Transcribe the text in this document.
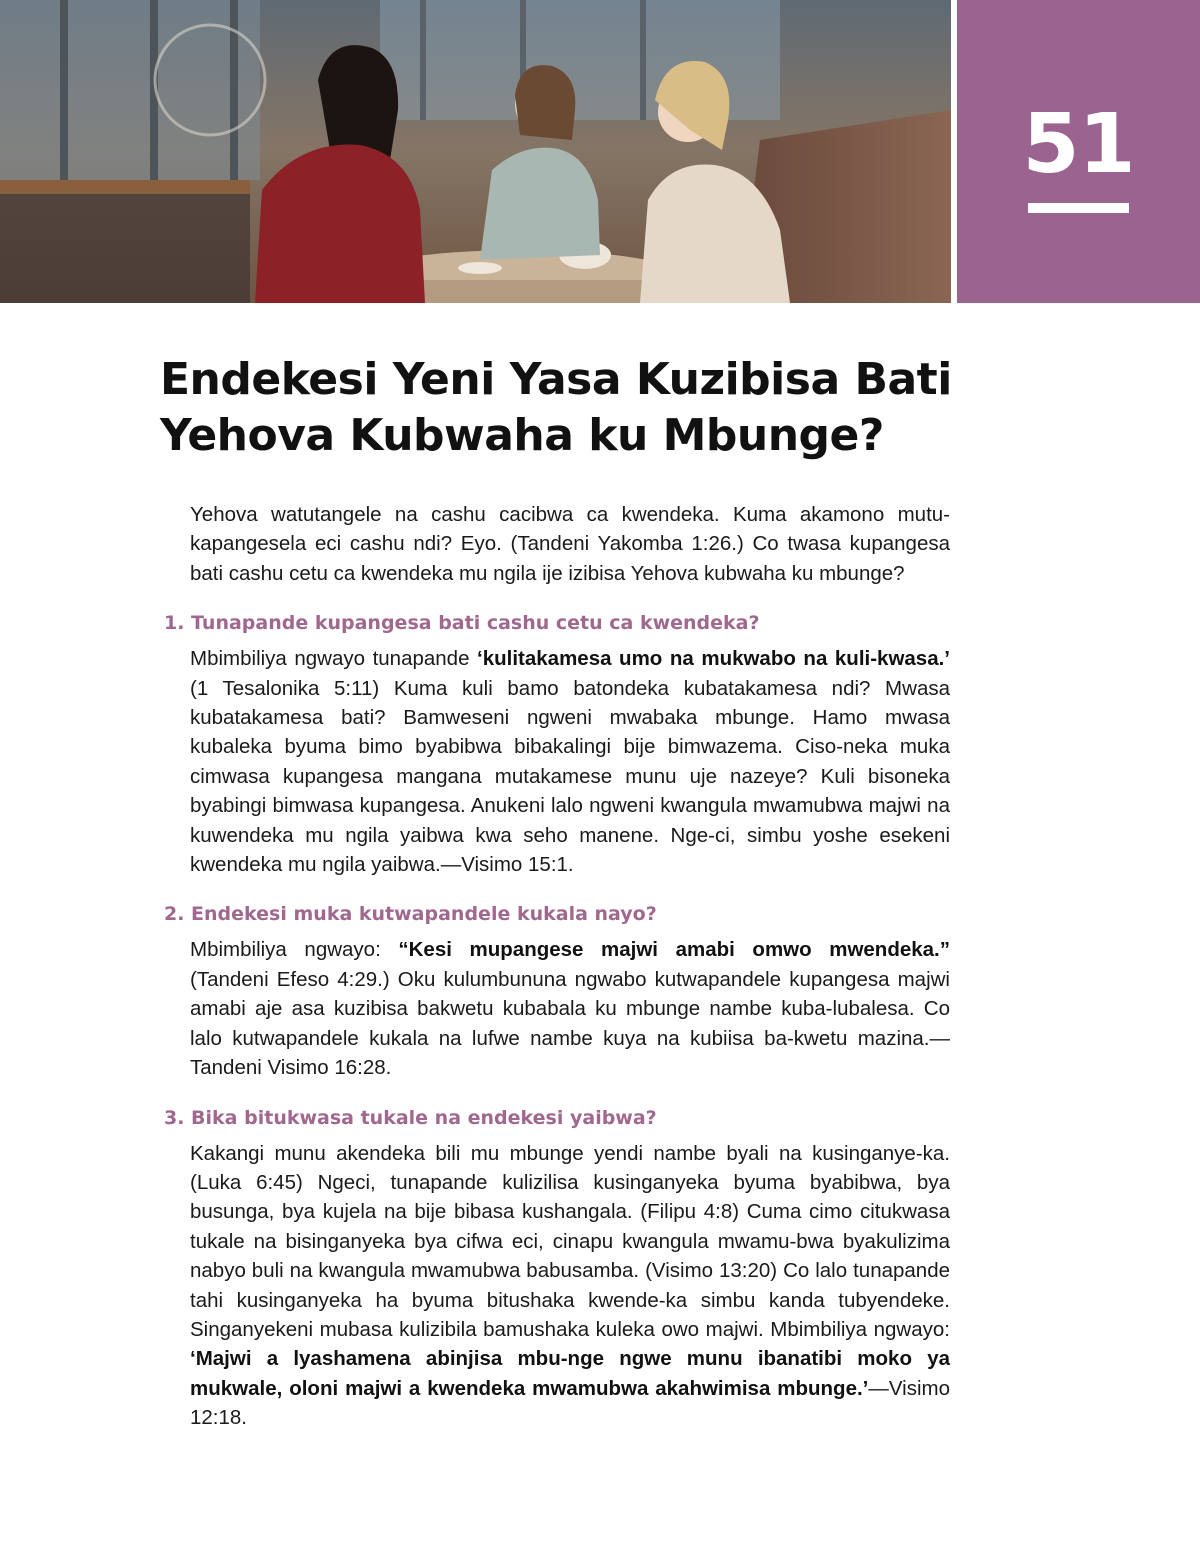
51
Endekesi Yeni Yasa Kuzibisa Bati
Yehova Kubwaha ku Mbunge?

Yehova watutangele na cashu cacibwa ca kwendeka. Kuma akamono mutu-kapangesela eci cashu ndi? Eyo. (Tandeni Yakomba 1:26.) Co twasa kupangesa bati cashu cetu ca kwendeka mu ngila ije izibisa Yehova kubwaha ku mbunge?

1. Tunapande kupangesa bati cashu cetu ca kwendeka?

Mbimbiliya ngwayo tunapande ‘kulitakamesa umo na mukwabo na kuli-kwasa.’ (1 Tesalonika 5:11) Kuma kuli bamo batondeka kubatakamesa ndi? Mwasa kubatakamesa bati? Bamweseni ngweni mwabaka mbunge. Hamo mwasa kubaleka byuma bimo byabibwa bibakalingi bije bimwazema. Ciso-neka muka cimwasa kupangesa mangana mutakamese munu uje nazeye? Kuli bisoneka byabingi bimwasa kupangesa. Anukeni lalo ngweni kwangula mwamubwa majwi na kuwendeka mu ngila yaibwa kwa seho manene. Nge-ci, simbu yoshe esekeni kwendeka mu ngila yaibwa.—Visimo 15:1.

2. Endekesi muka kutwapandele kukala nayo?

Mbimbiliya ngwayo: “Kesi mupangese majwi amabi omwo mwendeka.” (Tandeni Efeso 4:29.) Oku kulumbununa ngwabo kutwapandele kupangesa majwi amabi aje asa kuzibisa bakwetu kubabala ku mbunge nambe kuba-lubalesa. Co lalo kutwapandele kukala na lufwe nambe kuya na kubiisa ba-kwetu mazina.—Tandeni Visimo 16:28.

3. Bika bitukwasa tukale na endekesi yaibwa?

Kakangi munu akendeka bili mu mbunge yendi nambe byali na kusinganye-ka. (Luka 6:45) Ngeci, tunapande kulizilisa kusinganyeka byuma byabibwa, bya busunga, bya kujela na bije bibasa kushangala. (Filipu 4:8) Cuma cimo citukwasa tukale na bisinganyeka bya cifwa eci, cinapu kwangula mwamu-bwa byakulizima nabyo buli na kwangula mwamubwa babusamba. (Visimo 13:20) Co lalo tunapande tahi kusinganyeka ha byuma bitushaka kwende-ka simbu kanda tubyendeke. Singanyekeni mubasa kulizibila bamushaka kuleka owo majwi. Mbimbiliya ngwayo: ‘Majwi a lyashamena abinjisa mbu-nge ngwe munu ibanatibi moko ya mukwale, oloni majwi a kwendeka mwamubwa akahwimisa mbunge.’—Visimo 12:18.
